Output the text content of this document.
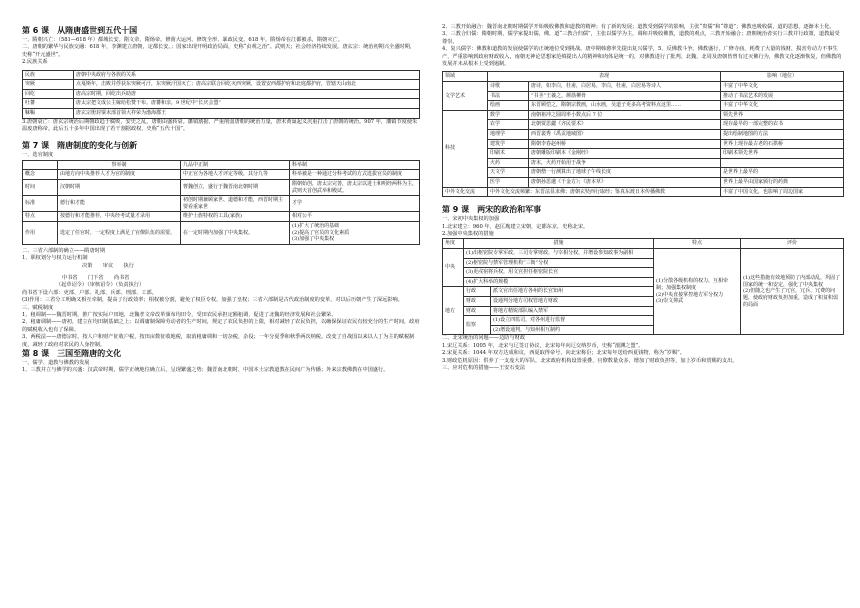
第 6 课　从隋唐盛世到五代十国

一、隋朝兴亡：（581—618 年）都城长安。隋文帝，隋炀帝。修凿大运河、修筑全形、暴政民变。618 年，隋炀帝在江都被杀，隋朝灭亡。

二、唐朝的繁华与民族交融：618 年，李渊建立唐朝，定都长安。；国家出现开明政治局面，史称“贞观之治”。武则天；社会经济持续发展。唐玄宗：统治初期兴全盛时期，史称“开元盛世”。

2.民族关系

民族	唐朝中央政府与各族的关系
突厥	点戛斯年，击败并俘获东突厥可汗，东突厥汗国灭亡；唐高宗联合回纥灭西突厥，设置安西都护府和北庭都护府，管辖天山南北
回纥	唐高宗时期，回纥出兵助唐
吐蕃	唐太宗把文成公主嫁给松赞干布。唐蕃和亲，9 世纪中“长庆会盟”
靺鞨	唐玄宗册封粟末部首领大祚荣为渤海郡王

3.唐朝衰亡：唐玄宗统治后期朝政趋于腐败，安史之乱，唐朝由盛转衰。藩镇割据，严重削弱唐朝的统治力量，唐末黄巢起义沉重打击了唐朝的统治。907 年，藩镇节度使朱温废唐称帝。此后五十多年中国出现了若干割据政权，史称“五代十国”。

第 7 课　隋唐制度的变化与创新

一、选官制度

	察举制	九品中正制	科举制
概念	由地方向中央推荐人才为官的制度	中正官为各地人才评定等级，其分九等	科举被是一种通过分科考试的方式选拔官员的制度
时间	汉朝时期	曹魏创立，盛行于魏晋南北朝时期	隋朝始创，唐太宗完善，唐太宗以进士和明经两科为主，武则天首创武举和殿试。
标准	德行和才能	初创时期兼顾家世、道德和才能，西晋时期主要看重家世	才学
特点	按德行和才能推荐，中央经考试量才录用	维护士族特权的工具(家族)	相对公平
作用	选定了任官时，一定程度上满足了官僚队伍的需要。	在一定时期内加强了中央集权。	(1)扩大了统治的基础
(2)提高了官员的文化素质
(3)加强了中央集权

二、三省六部制的确立——隋唐时期

1、职权划分与权力运行机制

决策　　审议　　执行

中书省　　门下省　　尚书省

（起草诏令）（审核诏令）（负责执行）

尚书省下设六部：吏部、户部、礼部、兵部、刑部、工部。

(3)作用：三省分工明确又相互牵制，提高了行政效率；相权被分割，避免了权臣专权，加强了皇权；三省六部制是古代政治制度的变革，对以后历朝产生了深远影响。

三、赋税制度

1、租调制——魏晋时期，推广按实际户田地，北魏孝文帝改革颁布均田令，受田农民承担定额租调，促进了北魏的经济发展和社会繁荣。

2、租庸调制——唐初，建立在均田制基础之上；以调庸制保障劳动者的生产时间，规定了农民负担的上限，相对减轻了农民负担，以确保保证农民有较充分的生产时间，政府的赋税收入也有了保障。

3、两税法——唐德宗时，按人户和财产征收户税，按田亩数征收地税，取消租庸调和一切杂税，杂役；一年分夏季和秋季两次纳税。改变了自战国以来以人丁为主的赋税制度，减轻了政府对农民的人身控制。

第 8 课　三国至隋唐的文化

一、儒学、道教与佛教的发展

1、三教并立与佛学的兴盛：汉武帝时期，儒学正统地位确立后，呈现繁盛之势；魏晋南北朝时，中国本土宗教道教在民间广为传播；外来宗教佛教在中国盛行。

2、三教开始融合：魏晋南北朝时期儒学开始吸收佛教和道教的精神；有了新的发展；道教受到儒学的影响，主张“贵儒”和“尊道”；佛教也吸收儒，道的思想，逐渐本土化。

3、三教合归儒：隋朝时期，儒学家提出儒，佛，道“三教合归儒”，主张以儒学为主，调和并吸收佛教，道教的观点，三教开始融合；唐朝统治者实行三教并行政策，道教最受尊崇。

4、复兴儒学：佛教和道教的发展使儒学的正统地位受到挑战。唐中期韩愈率先提出复兴儒学，5、反佛教斗争。佛教盛行，广修寺庙，耗费了大量的钱财，损害劳动力不事生产，严重影响到政府财政收入，南朝无神论思想家范缜提出人的精神和肉体是统一的，对佛教进行了批判。北魏，北周及唐朝皆曾有过灭佛行为，佛教文化逐渐恢复，但佛教的发展并未从根本上受到遏制。

领域	表现		影响（地位）
文学艺术	诗歌	唐诗，如李白，杜甫，白居易，李白，杜甫，白居易等诗人	丰富了中华文化
	书法	“书圣”王羲之，颜筋柳骨	推动了书法艺术的发展
	绘画	东晋顾恺之，隋朝宗教画，山水画，吴道子更多高考资料点这里……	丰富了中华文化
科技	数学	南朝祖冲之圆周率小数点后 7 位	领先世界
	农学	北朝贾思勰《齐民要术》	现存最早的一部完整的农书
	地理学	西晋裴秀《禹贡地域图》	提出绘制地图的方法
	建筑学	隋朝李春赵州桥	世界上现存最古老的石拱桥
	印刷术	唐朝雕版印刷本《金刚经》	印刷术领先世界
	火药	唐末，火药开始用于战争	
	天文学	唐朝僧一行测算出了地球子午线长度	是世界上最早的
	医学	唐朝孙思邈《千金方》；《唐本草》	世界上最早由国家颁行的药典
中外文化交流	中外文化交流频繁：东晋法显求佛；唐朝玄奘西行取经；鉴真东渡日本传播佛教		丰富了中国文化，也影响了周边国家
第 9 课　两宋的政治和军事

一、宋初中央集权的加强

1.北宋建立：960 年，赵匡胤建立宋朝，定都东京，史称北宋。

2.加强中央集权的措施

角度	措施		特点	评价
中央	(1)出枢密院专掌军政，三司专掌财政，与宰相分权，并增设参知政事为副相		(1)分散各级机构的权力，互相牵制；加强集权制度
(2)中央直接掌控地方军分权力
(3)崇文抑武	(1)这些措施有效地预防了内部动乱，巩固了国家的统一和安定，强化了中央集权
(2)但随之也产生了冗官，冗兵、冗费的问题，使政府财政负担加重，造成了积贫积弱的局面
	(2)枢密院与禁军管理机构“三衙”分权			
	(3)更戍宿将兵权，用文官担任枢密院长官			
	(4)扩大科举的规模			
地方	行政	派文官出任地方各州的长官知州		
	财政	设通判分地方司权管地方财政		
	财政	将地方精锐部队编入禁军		
	监察	(1)设立四监司，对各州进行监督		
		(2)增设通判，与知州相互制约		

二、北宋统治的问题——边防与财政

1.宋辽关系：1005 年，北宋与辽签订协议，北宋每年向辽交纳岁币，史称“澶渊之盟”。

2.宋夏关系：1044 年双方达成和议，西夏取得帝号，向北宋称臣；北宋每年送给西夏钱物，称为“岁赐”。

3.财政危机原因：供养了一支庞大的军队，北宋政府机构设置重叠，官僚数量众多，增加了财政负担等，加上岁币和赏赐的支出。

三、应对危机的措施——王安石变法
